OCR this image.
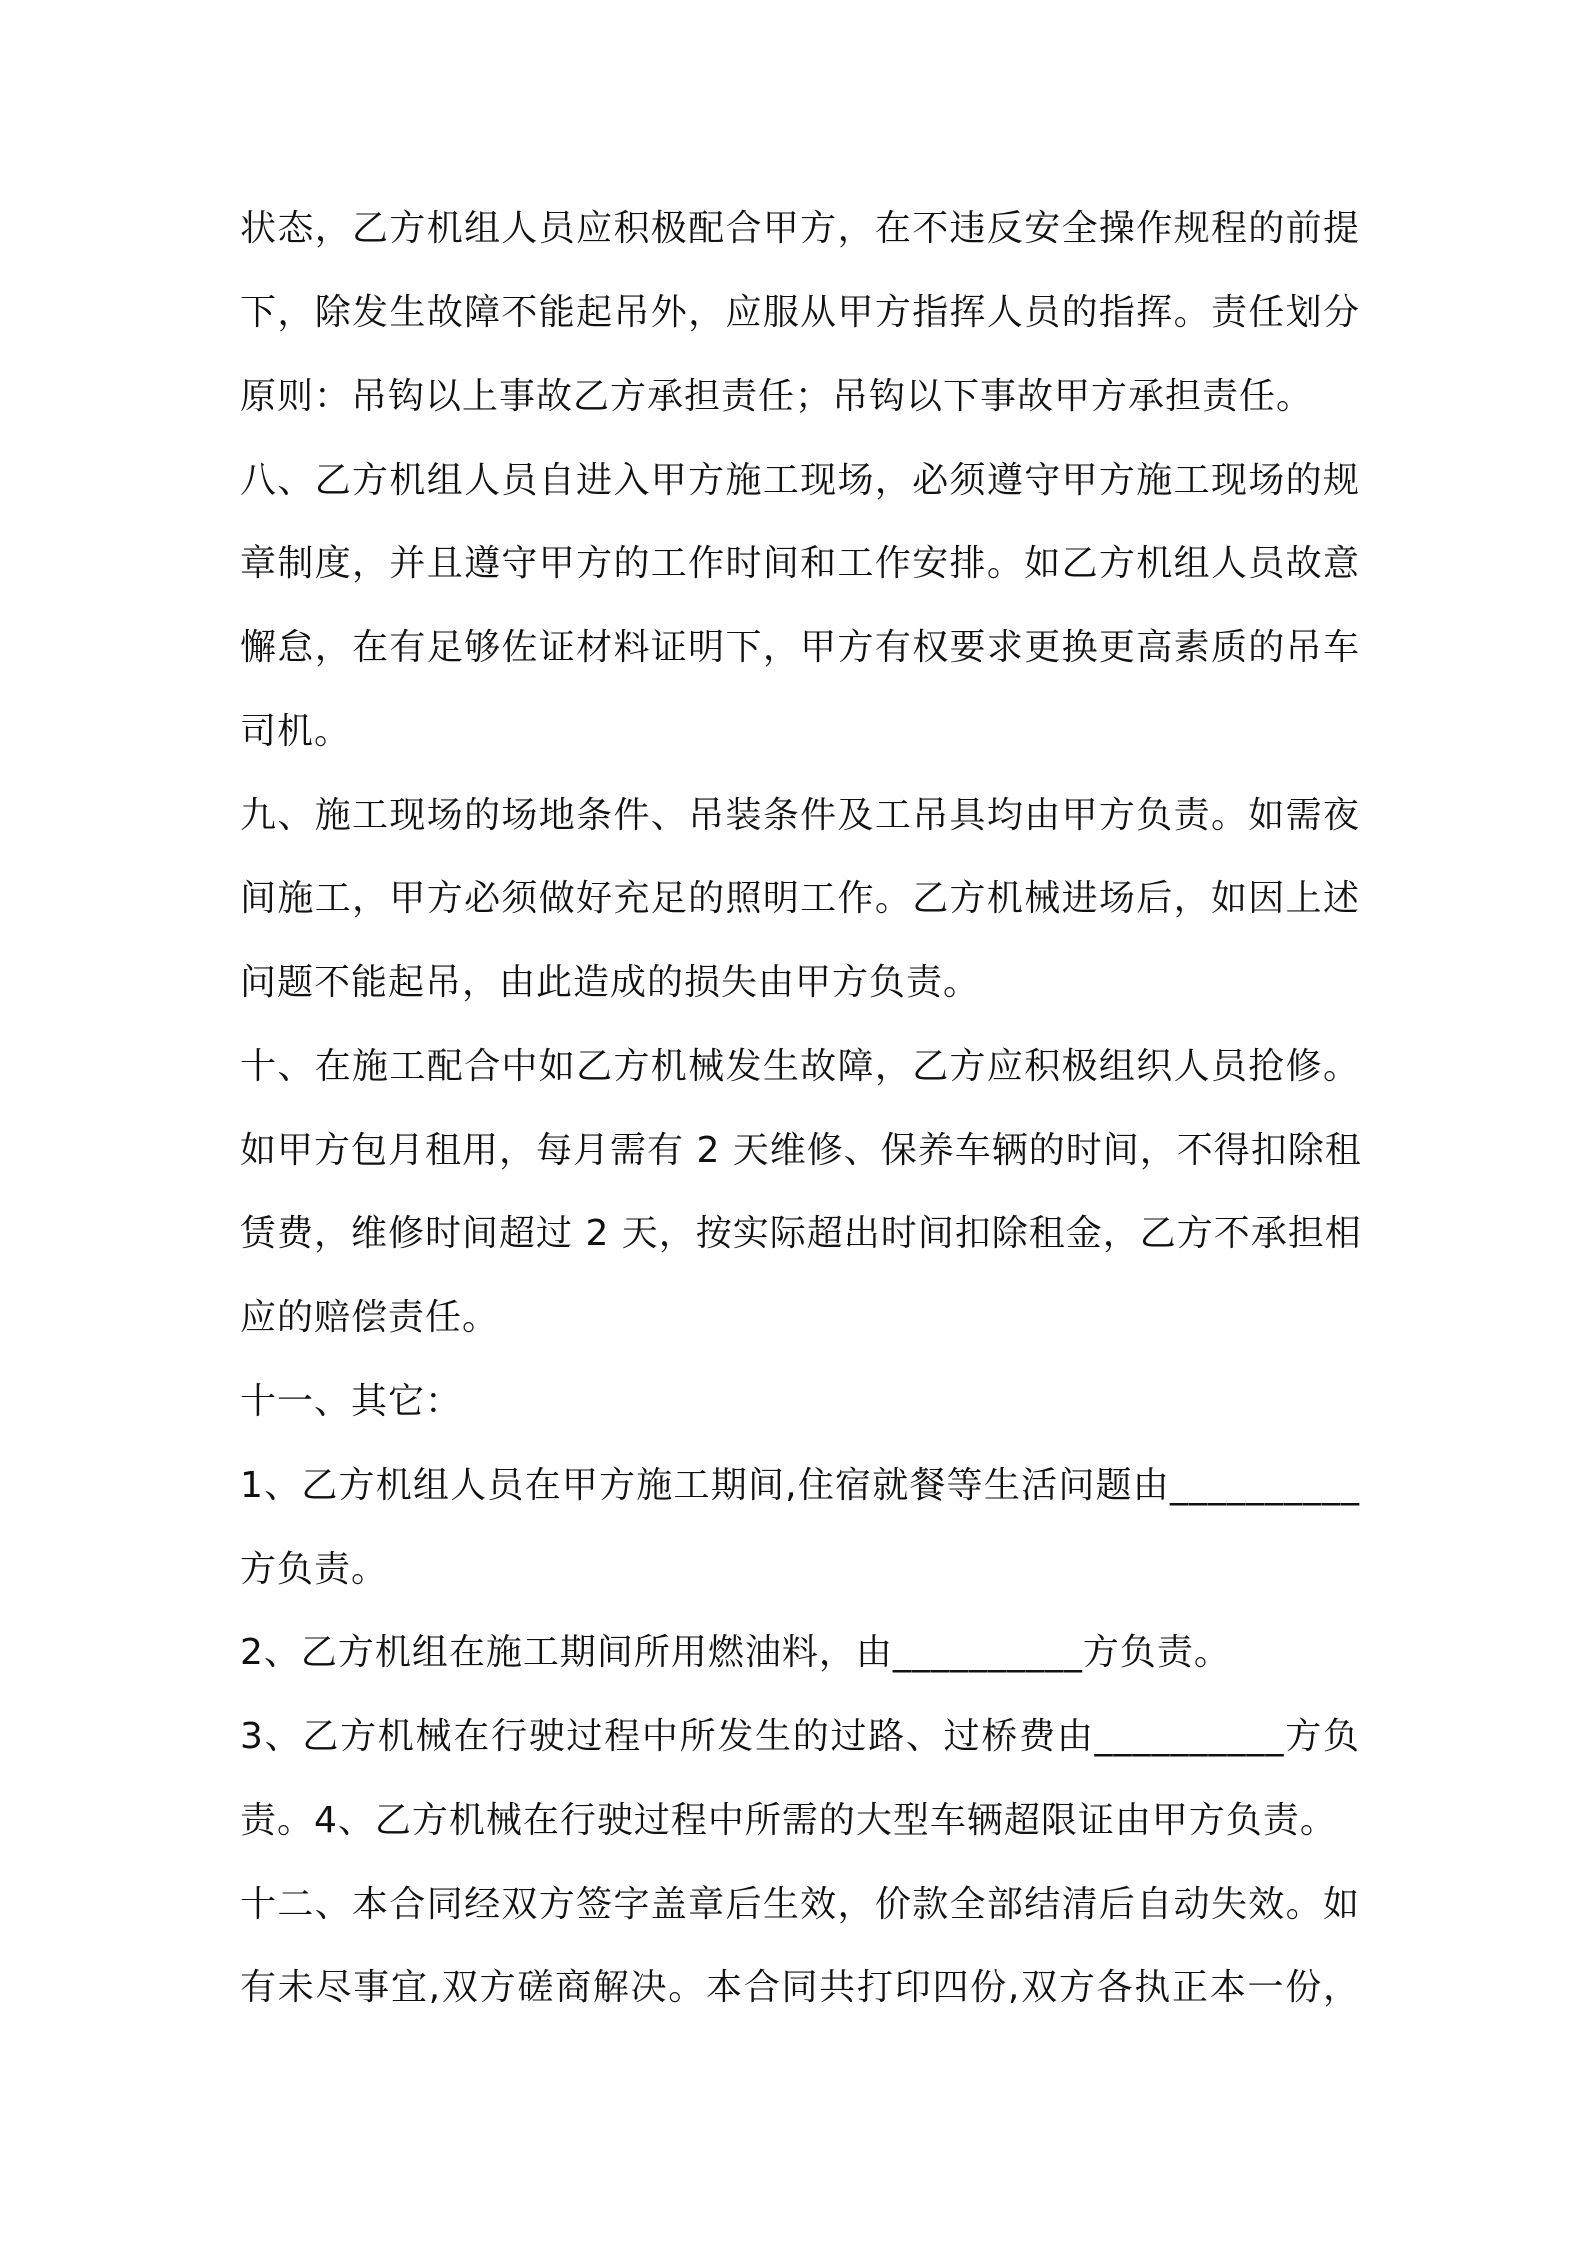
状态，乙方机组人员应积极配合甲方，在不违反安全操作规程的前提
下，除发生故障不能起吊外，应服从甲方指挥人员的指挥。责任划分
原则：吊钩以上事故乙方承担责任；吊钩以下事故甲方承担责任。
八、乙方机组人员自进入甲方施工现场，必须遵守甲方施工现场的规
章制度，并且遵守甲方的工作时间和工作安排。如乙方机组人员故意
懈怠，在有足够佐证材料证明下，甲方有权要求更换更高素质的吊车
司机。
九、施工现场的场地条件、吊装条件及工吊具均由甲方负责。如需夜
间施工，甲方必须做好充足的照明工作。乙方机械进场后，如因上述
问题不能起吊，由此造成的损失由甲方负责。
十、在施工配合中如乙方机械发生故障，乙方应积极组织人员抢修。
如甲方包月租用，每月需有 2 天维修、保养车辆的时间，不得扣除租
赁费，维修时间超过 2 天，按实际超出时间扣除租金，乙方不承担相
应的赔偿责任。
十一、其它：
1、乙方机组人员在甲方施工期间,住宿就餐等生活问题由__________
方负责。
2、乙方机组在施工期间所用燃油料，由__________方负责。
3、乙方机械在行驶过程中所发生的过路、过桥费由__________方负
责。4、乙方机械在行驶过程中所需的大型车辆超限证由甲方负责。
十二、本合同经双方签字盖章后生效，价款全部结清后自动失效。如
有未尽事宜,双方磋商解决。本合同共打印四份,双方各执正本一份，
